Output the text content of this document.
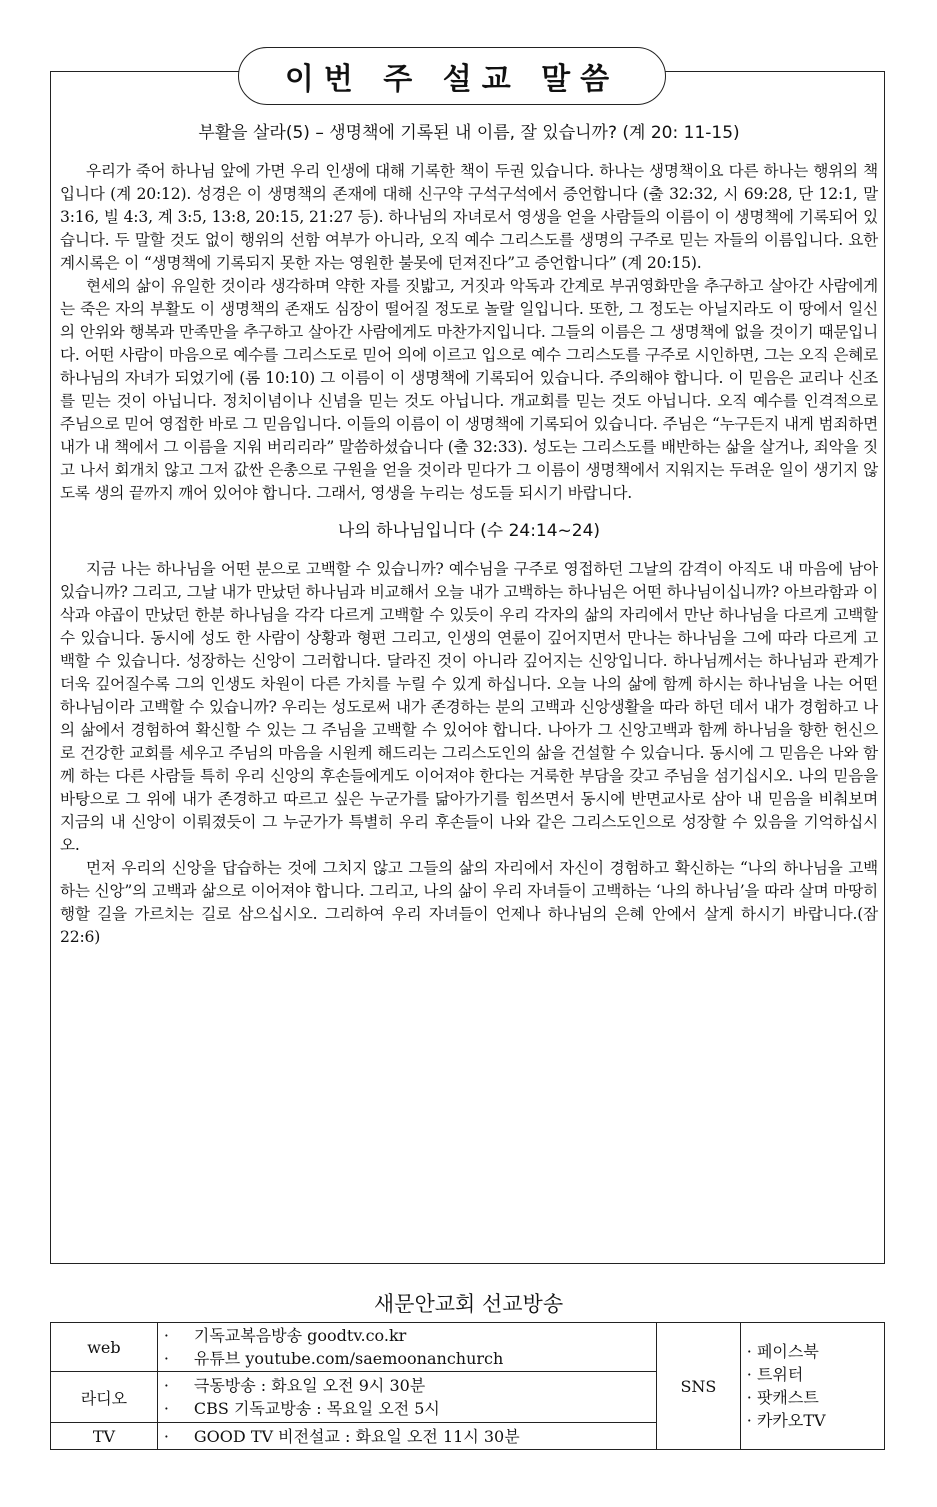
이번 주 설교 말씀
부활을 살라(5) – 생명책에 기록된 내 이름, 잘 있습니까? (계 20: 11-15)

우리가 죽어 하나님 앞에 가면 우리 인생에 대해 기록한 책이 두권 있습니다. 하나는 생명책이요 다른 하나는 행위의 책입니다 (계 20:12). 성경은 이 생명책의 존재에 대해 신구약 구석구석에서 증언합니다 (출 32:32, 시 69:28, 단 12:1, 말 3:16, 빌 4:3, 계 3:5, 13:8, 20:15, 21:27 등). 하나님의 자녀로서 영생을 얻을 사람들의 이름이 이 생명책에 기록되어 있습니다. 두 말할 것도 없이 행위의 선함 여부가 아니라, 오직 예수 그리스도를 생명의 구주로 믿는 자들의 이름입니다. 요한계시록은 이 “생명책에 기록되지 못한 자는 영원한 불못에 던져진다”고 증언합니다” (계 20:15).

현세의 삶이 유일한 것이라 생각하며 약한 자를 짓밟고, 거짓과 악독과 간계로 부귀영화만을 추구하고 살아간 사람에게는 죽은 자의 부활도 이 생명책의 존재도 심장이 떨어질 정도로 놀랄 일입니다. 또한, 그 정도는 아닐지라도 이 땅에서 일신의 안위와 행복과 만족만을 추구하고 살아간 사람에게도 마찬가지입니다. 그들의 이름은 그 생명책에 없을 것이기 때문입니다. 어떤 사람이 마음으로 예수를 그리스도로 믿어 의에 이르고 입으로 예수 그리스도를 구주로 시인하면, 그는 오직 은혜로 하나님의 자녀가 되었기에 (롬 10:10) 그 이름이 이 생명책에 기록되어 있습니다. 주의해야 합니다. 이 믿음은 교리나 신조를 믿는 것이 아닙니다. 정치이념이나 신념을 믿는 것도 아닙니다. 개교회를 믿는 것도 아닙니다. 오직 예수를 인격적으로 주님으로 믿어 영접한 바로 그 믿음입니다. 이들의 이름이 이 생명책에 기록되어 있습니다. 주님은 “누구든지 내게 범죄하면 내가 내 책에서 그 이름을 지워 버리리라” 말씀하셨습니다 (출 32:33). 성도는 그리스도를 배반하는 삶을 살거나, 죄악을 짓고 나서 회개치 않고 그저 값싼 은총으로 구원을 얻을 것이라 믿다가 그 이름이 생명책에서 지워지는 두려운 일이 생기지 않도록 생의 끝까지 깨어 있어야 합니다. 그래서, 영생을 누리는 성도들 되시기 바랍니다.

나의 하나님입니다 (수 24:14~24)

지금 나는 하나님을 어떤 분으로 고백할 수 있습니까? 예수님을 구주로 영접하던 그날의 감격이 아직도 내 마음에 남아 있습니까? 그리고, 그날 내가 만났던 하나님과 비교해서 오늘 내가 고백하는 하나님은 어떤 하나님이십니까? 아브라함과 이삭과 야곱이 만났던 한분 하나님을 각각 다르게 고백할 수 있듯이 우리 각자의 삶의 자리에서 만난 하나님을 다르게 고백할 수 있습니다. 동시에 성도 한 사람이 상황과 형편 그리고, 인생의 연륜이 깊어지면서 만나는 하나님을 그에 따라 다르게 고백할 수 있습니다. 성장하는 신앙이 그러합니다. 달라진 것이 아니라 깊어지는 신앙입니다. 하나님께서는 하나님과 관계가 더욱 깊어질수록 그의 인생도 차원이 다른 가치를 누릴 수 있게 하십니다. 오늘 나의 삶에 함께 하시는 하나님을 나는 어떤 하나님이라 고백할 수 있습니까? 우리는 성도로써 내가 존경하는 분의 고백과 신앙생활을 따라 하던 데서 내가 경험하고 나의 삶에서 경험하여 확신할 수 있는 그 주님을 고백할 수 있어야 합니다. 나아가 그 신앙고백과 함께 하나님을 향한 헌신으로 건강한 교회를 세우고 주님의 마음을 시원케 해드리는 그리스도인의 삶을 건설할 수 있습니다. 동시에 그 믿음은 나와 함께 하는 다른 사람들 특히 우리 신앙의 후손들에게도 이어져야 한다는 거룩한 부담을 갖고 주님을 섬기십시오. 나의 믿음을 바탕으로 그 위에 내가 존경하고 따르고 싶은 누군가를 닮아가기를 힘쓰면서 동시에 반면교사로 삼아 내 믿음을 비춰보며 지금의 내 신앙이 이뤄졌듯이 그 누군가가 특별히 우리 후손들이 나와 같은 그리스도인으로 성장할 수 있음을 기억하십시오.

먼저 우리의 신앙을 답습하는 것에 그치지 않고 그들의 삶의 자리에서 자신이 경험하고 확신하는 “나의 하나님을 고백하는 신앙”의 고백과 삶으로 이어져야 합니다. 그리고, 나의 삶이 우리 자녀들이 고백하는 ‘나의 하나님’을 따라 살며 마땅히 행할 길을 가르치는 길로 삼으십시오. 그리하여 우리 자녀들이 언제나 하나님의 은혜 안에서 살게 하시기 바랍니다.(잠22:6)

새문안교회 선교방송
web	· 기독교복음방송 goodtv.co.kr
· 유튜브 youtube.com/saemoonanchurch	SNS	· 페이스북
· 트위터
· 팟캐스트
· 카카오TV

라디오	· 극동방송 : 화요일 오전 9시 30분
· CBS 기독교방송 : 목요일 오전 5시		

TV	· GOOD TV 비전설교 : 화요일 오전 11시 30분		
